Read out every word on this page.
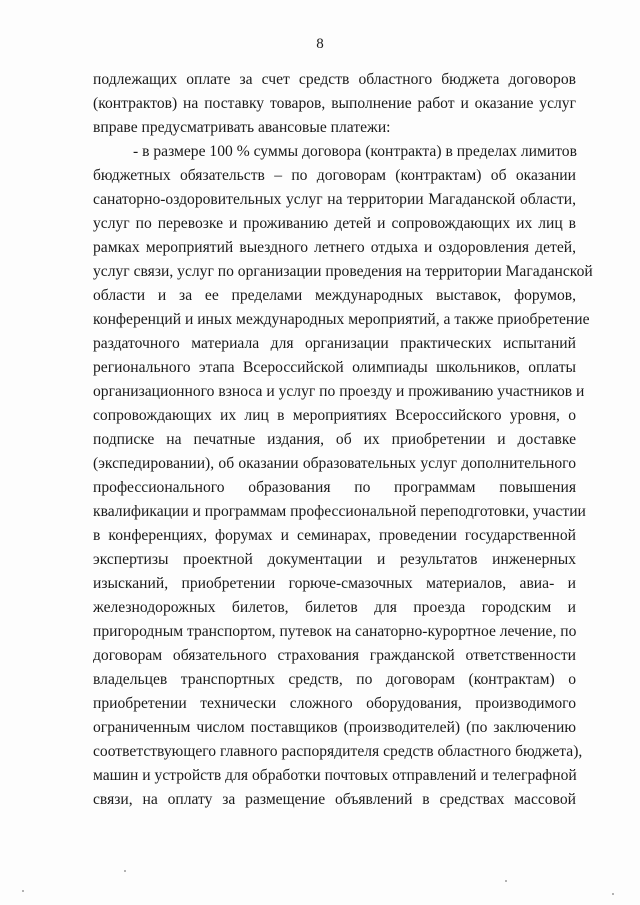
8
подлежащих оплате за счет средств областного бюджета договоров
(контрактов) на поставку товаров, выполнение работ и оказание услуг
вправе предусматривать авансовые платежи:
- в размере 100 % суммы договора (контракта) в пределах лимитов
бюджетных обязательств – по договорам (контрактам) об оказании
санаторно-оздоровительных услуг на территории Магаданской области,
услуг по перевозке и проживанию детей и сопровождающих их лиц в
рамках мероприятий выездного летнего отдыха и оздоровления детей,
услуг связи, услуг по организации проведения на территории Магаданской
области и за ее пределами международных выставок, форумов,
конференций и иных международных мероприятий, а также приобретение
раздаточного материала для организации практических испытаний
регионального этапа Всероссийской олимпиады школьников, оплаты
организационного взноса и услуг по проезду и проживанию участников и
сопровождающих их лиц в мероприятиях Всероссийского уровня, о
подписке на печатные издания, об их приобретении и доставке
(экспедировании), об оказании образовательных услуг дополнительного
профессионального образования по программам повышения
квалификации и программам профессиональной переподготовки, участии
в конференциях, форумах и семинарах, проведении государственной
экспертизы проектной документации и результатов инженерных
изысканий, приобретении горюче-смазочных материалов, авиа- и
железнодорожных билетов, билетов для проезда городским и
пригородным транспортом, путевок на санаторно-курортное лечение, по
договорам обязательного страхования гражданской ответственности
владельцев транспортных средств, по договорам (контрактам) о
приобретении технически сложного оборудования, производимого
ограниченным числом поставщиков (производителей) (по заключению
соответствующего главного распорядителя средств областного бюджета),
машин и устройств для обработки почтовых отправлений и телеграфной
связи, на оплату за размещение объявлений в средствах массовой
